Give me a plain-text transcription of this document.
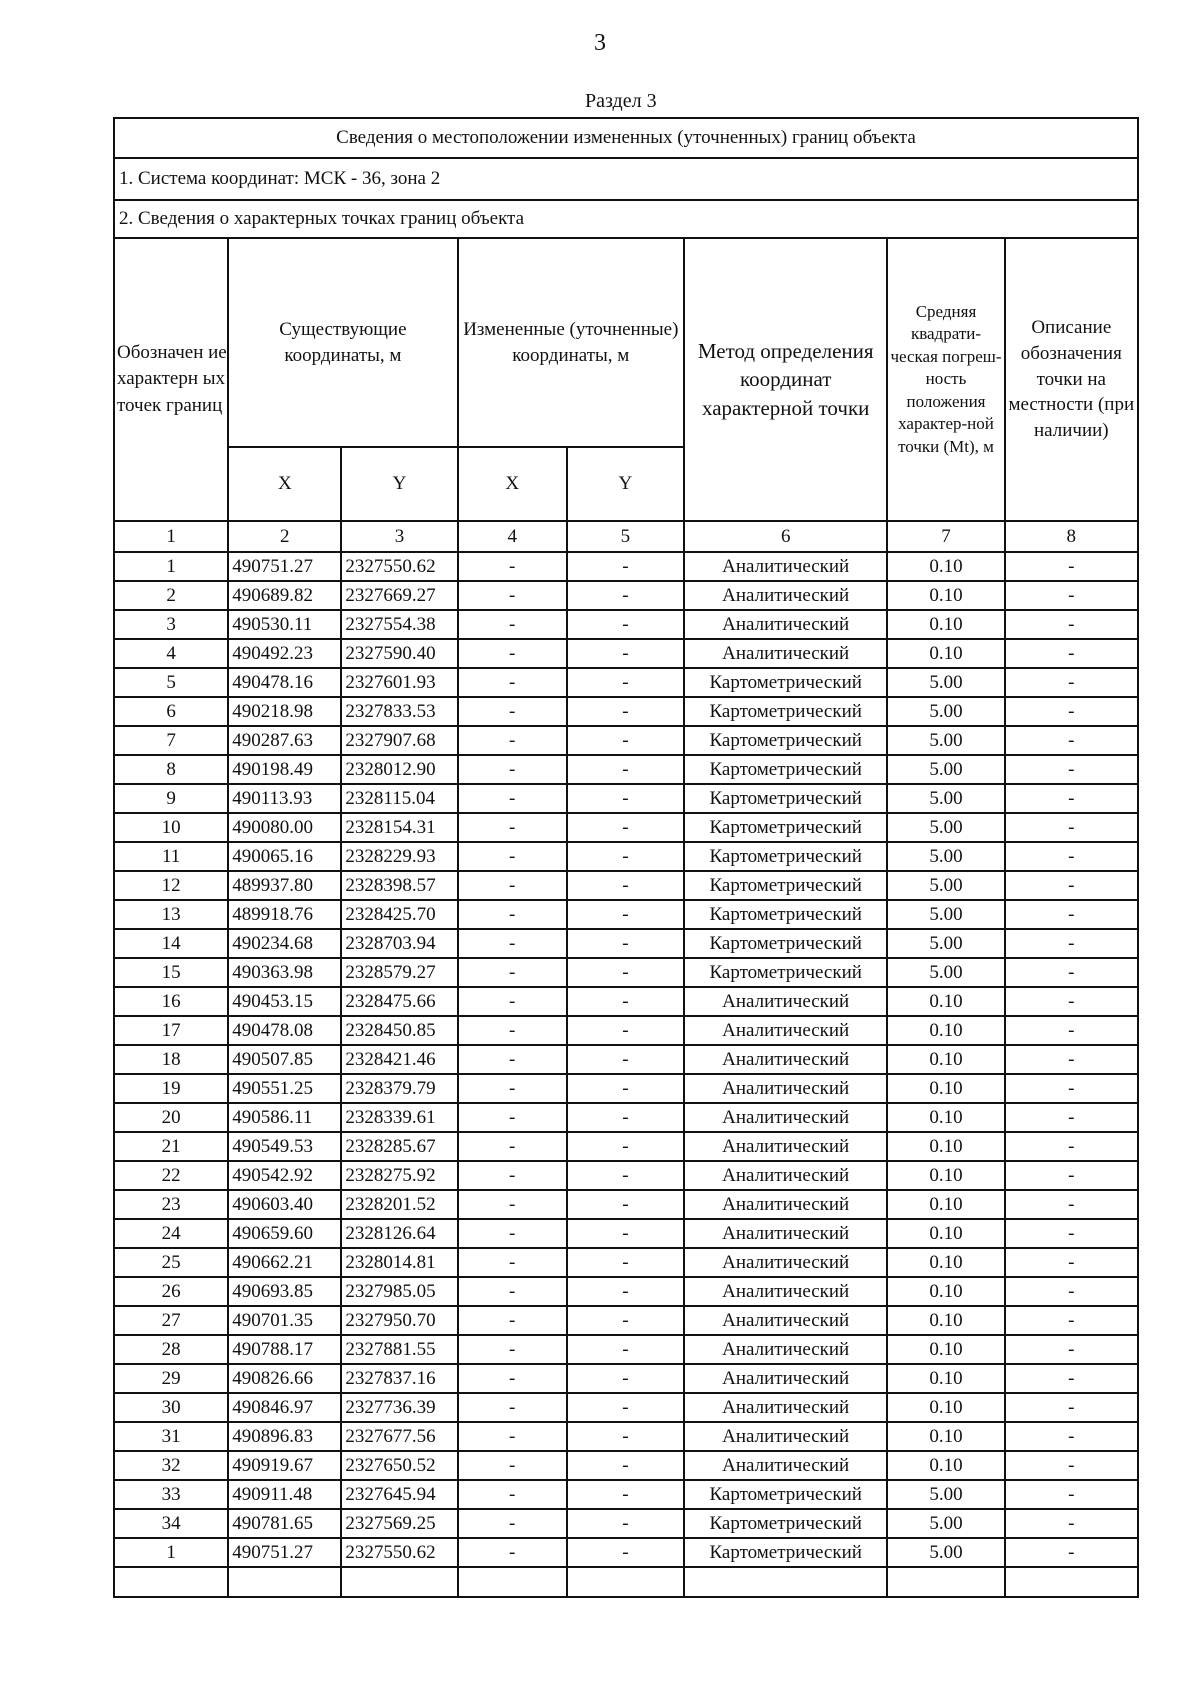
3
Раздел 3
Сведения о местоположении измененных (уточненных) границ объекта							
1. Система координат: МСК - 36, зона 2							
2. Сведения о характерных точках границ объекта							
Обозначен ие характерн ых точек границ	Существующие координаты, м		Измененные (уточненные) координаты, м		Метод определения координат характерной точки	Средняя квадрати-ческая погреш-ность положения характер-ной точки (Mt), м	Описание обозначения точки на местности (при наличии)
	X	Y	X	Y			
1	2	3	4	5	6	7	8
1	490751.27	2327550.62	-	-	Аналитический	0.10	-
2	490689.82	2327669.27	-	-	Аналитический	0.10	-
3	490530.11	2327554.38	-	-	Аналитический	0.10	-
4	490492.23	2327590.40	-	-	Аналитический	0.10	-
5	490478.16	2327601.93	-	-	Картометрический	5.00	-
6	490218.98	2327833.53	-	-	Картометрический	5.00	-
7	490287.63	2327907.68	-	-	Картометрический	5.00	-
8	490198.49	2328012.90	-	-	Картометрический	5.00	-
9	490113.93	2328115.04	-	-	Картометрический	5.00	-
10	490080.00	2328154.31	-	-	Картометрический	5.00	-
11	490065.16	2328229.93	-	-	Картометрический	5.00	-
12	489937.80	2328398.57	-	-	Картометрический	5.00	-
13	489918.76	2328425.70	-	-	Картометрический	5.00	-
14	490234.68	2328703.94	-	-	Картометрический	5.00	-
15	490363.98	2328579.27	-	-	Картометрический	5.00	-
16	490453.15	2328475.66	-	-	Аналитический	0.10	-
17	490478.08	2328450.85	-	-	Аналитический	0.10	-
18	490507.85	2328421.46	-	-	Аналитический	0.10	-
19	490551.25	2328379.79	-	-	Аналитический	0.10	-
20	490586.11	2328339.61	-	-	Аналитический	0.10	-
21	490549.53	2328285.67	-	-	Аналитический	0.10	-
22	490542.92	2328275.92	-	-	Аналитический	0.10	-
23	490603.40	2328201.52	-	-	Аналитический	0.10	-
24	490659.60	2328126.64	-	-	Аналитический	0.10	-
25	490662.21	2328014.81	-	-	Аналитический	0.10	-
26	490693.85	2327985.05	-	-	Аналитический	0.10	-
27	490701.35	2327950.70	-	-	Аналитический	0.10	-
28	490788.17	2327881.55	-	-	Аналитический	0.10	-
29	490826.66	2327837.16	-	-	Аналитический	0.10	-
30	490846.97	2327736.39	-	-	Аналитический	0.10	-
31	490896.83	2327677.56	-	-	Аналитический	0.10	-
32	490919.67	2327650.52	-	-	Аналитический	0.10	-
33	490911.48	2327645.94	-	-	Картометрический	5.00	-
34	490781.65	2327569.25	-	-	Картометрический	5.00	-
1	490751.27	2327550.62	-	-	Картометрический	5.00	-
